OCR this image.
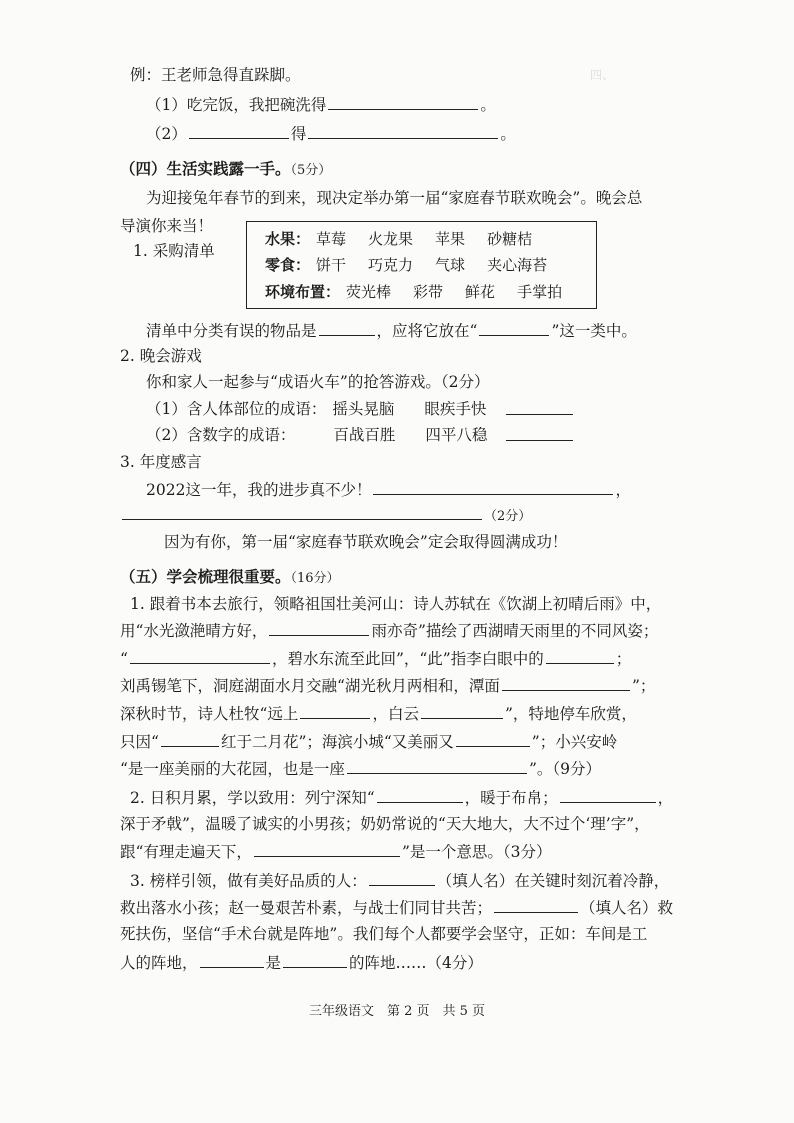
四、　　　　　
例：王老师急得直跺脚。
（1）吃完饭，我把碗洗得	。
（2）	得	。
（四）生活实践露一手。（5分）
为迎接兔年春节的到来，现决定举办第一届“家庭春节联欢晚会”。晚会总
导演你来当！
1. 采购清单
水果： 草莓 火龙果 苹果 砂糖桔
零食： 饼干 巧克力 气球 夹心海苔
环境布置： 荧光棒 彩带 鲜花 手掌拍
清单中分类有误的物品是	，应将它放在“	”这一类中。
2. 晚会游戏
你和家人一起参与“成语火车”的抢答游戏。（2分）
（1）含人体部位的成语： 摇头晃脑 眼疾手快
（2）含数字的成语： 百战百胜 四平八稳
3. 年度感言
2022这一年，我的进步真不少！	，
（2分）
因为有你，第一届“家庭春节联欢晚会”定会取得圆满成功！
（五）学会梳理很重要。（16分）
1. 跟着书本去旅行，领略祖国壮美河山：诗人苏轼在《饮湖上初晴后雨》中，
用“水光潋滟晴方好，	雨亦奇”描绘了西湖晴天雨里的不同风姿；
“	，碧水东流至此回”，“此”指李白眼中的	；
刘禹锡笔下，洞庭湖面水月交融“湖光秋月两相和，潭面	”；
深秋时节，诗人杜牧“远上	，白云	”，特地停车欣赏，
只因“	红于二月花”；海滨小城“又美丽又	”；小兴安岭
“是一座美丽的大花园，也是一座	”。（9分）
2. 日积月累，学以致用：列宁深知“	，暖于布帛；	，
深于矛戟”，温暖了诚实的小男孩；奶奶常说的“天大地大，大不过个‘理’字”，
跟“有理走遍天下，	”是一个意思。（3分）
3. 榜样引领，做有美好品质的人：	（填人名）在关键时刻沉着冷静，
救出落水小孩；赵一曼艰苦朴素，与战士们同甘共苦；	（填人名）救
死扶伤，坚信“手术台就是阵地”。我们每个人都要学会坚守，正如：车间是工
人的阵地，	是	的阵地……（4分）
三年级语文　第 2 页　共 5 页
